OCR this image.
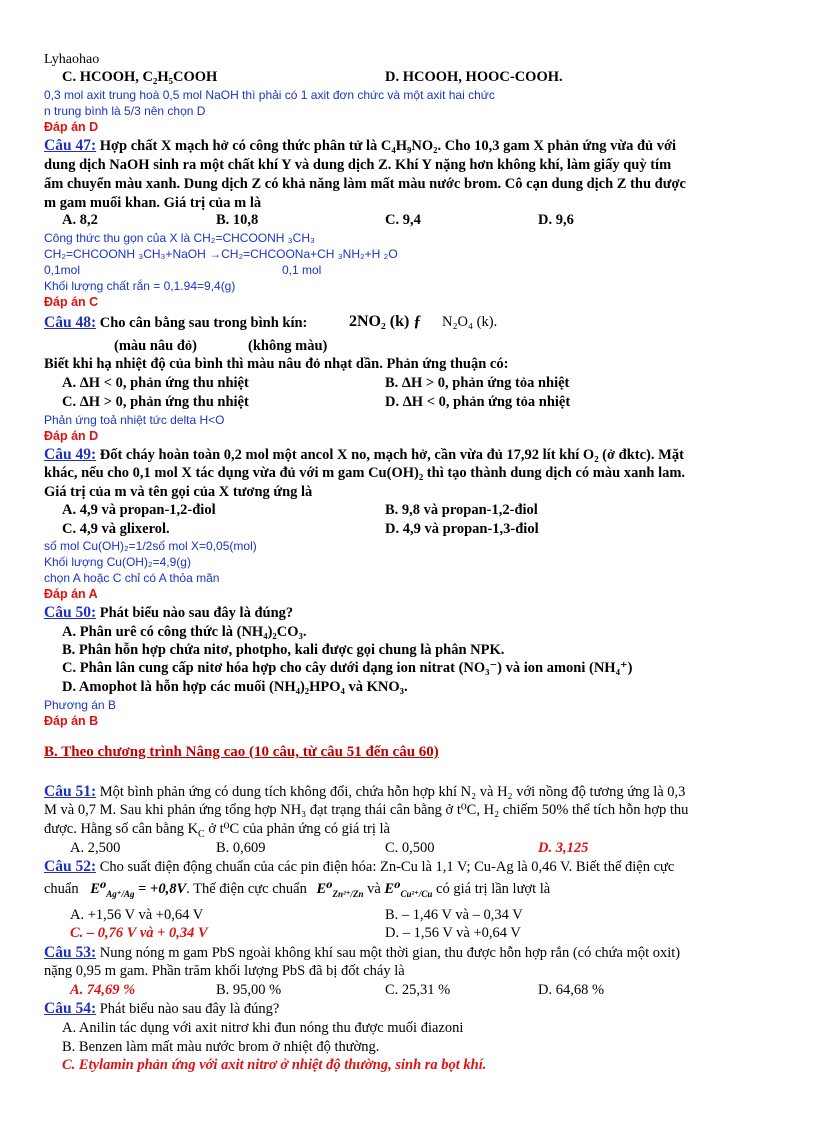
Lyhaohao
C. HCOOH, C₂H₅COOH	D. HCOOH, HOOC-COOH.
0,3 mol axit trung hoà 0,5 mol NaOH thì phải có 1 axit đơn chức và một axit hai chức
n trung bình là 5/3 nên chọn D
Đáp án D
Câu 47: Hợp chất X mạch hở có công thức phân tử là C₄H₉NO₂. Cho 10,3 gam X phản ứng vừa đủ với
dung dịch NaOH sinh ra một chất khí Y và dung dịch Z. Khí Y nặng hơn không khí, làm giấy quỳ tím
ẩm chuyển màu xanh. Dung dịch Z có khả năng làm mất màu nước brom. Cô cạn dung dịch Z thu được
m gam muối khan. Giá trị của m là
A. 8,2	B. 10,8	C. 9,4	D. 9,6
Công thức thu gọn của X là CH₂=CHCOONH ₃CH₃
CH₂=CHCOONH ₃CH₃+NaOH →CH₂=CHCOONa+CH ₃NH₂+H ₂O
0,1mol	0,1 mol
Khối lượng chất rắn = 0,1.94=9,4(g)
Đáp án C
Câu 48: Cho cân bằng sau trong bình kín:	2NO₂ (k) ƒ N₂O₄ (k).
(màu nâu đỏ)	(không màu)
Biết khi hạ nhiệt độ của bình thì màu nâu đỏ nhạt dần. Phản ứng thuận có:
A. ΔH < 0, phản ứng thu nhiệt	B. ΔH > 0, phản ứng tỏa nhiệt
C. ΔH > 0, phản ứng thu nhiệt	D. ΔH < 0, phản ứng tỏa nhiệt
Phản ứng toả nhiệt tức delta H<O
Đáp án D
Câu 49: Đốt cháy hoàn toàn 0,2 mol một ancol X no, mạch hở, cần vừa đủ 17,92 lít khí O₂ (ở đktc). Mặt
khác, nếu cho 0,1 mol X tác dụng vừa đủ với m gam Cu(OH)₂ thì tạo thành dung dịch có màu xanh lam.
Giá trị của m và tên gọi của X tương ứng là
A. 4,9 và propan-1,2-điol	B. 9,8 và propan-1,2-điol
C. 4,9 và glixerol.	D. 4,9 và propan-1,3-điol
số mol Cu(OH)₂=1/2số mol X=0,05(mol)
Khối lượng Cu(OH)₂=4,9(g)
chọn A hoặc C chỉ có A thỏa mãn
Đáp án A
Câu 50: Phát biểu nào sau đây là đúng?
A. Phân urê có công thức là (NH₄)₂CO₃.
B. Phân hỗn hợp chứa nitơ, photpho, kali được gọi chung là phân NPK.
C. Phân lân cung cấp nitơ hóa hợp cho cây dưới dạng ion nitrat (NO₃⁻) và ion amoni (NH₄⁺)
D. Amophot là hỗn hợp các muối (NH₄)₂HPO₄ và KNO₃.
Phương án B
Đáp án B
B. Theo chương trình Nâng cao (10 câu, từ câu 51 đến câu 60)
Câu 51: Một bình phản ứng có dung tích không đổi, chứa hỗn hợp khí N₂ và H₂ với nồng độ tương ứng là 0,3
M và 0,7 M. Sau khi phản ứng tổng hợp NH₃ đạt trạng thái cân bằng ở t⁰C, H₂ chiếm 50% thể tích hỗn hợp thu
được. Hằng số cân bằng $K_C$ ở t⁰C của phản ứng có giá trị là
A. 2,500	B. 0,609	C. 0,500	D. 3,125
Câu 52: Cho suất điện động chuẩn của các pin điện hóa: Zn-Cu là 1,1 V; Cu-Ag là 0,46 V. Biết thế điện cực
chuẩn $E^0_{Ag^+/Ag} = +0,8V$. Thế điện cực chuẩn $E^0_{Zn^{2+}/Zn}$ và $E^0_{Cu^{2+}/Cu}$ có giá trị lần lượt là
A. +1,56 V và +0,64 V	B. – 1,46 V và – 0,34 V
C. – 0,76 V và + 0,34 V	D. – 1,56 V và +0,64 V
Câu 53: Nung nóng m gam PbS ngoài không khí sau một thời gian, thu được hỗn hợp rắn (có chứa một oxit)
nặng 0,95 m gam. Phần trăm khối lượng PbS đã bị đốt cháy là
A. 74,69 %	B. 95,00 %	C. 25,31 %	D. 64,68 %
Câu 54: Phát biểu nào sau đây là đúng?
A. Anilin tác dụng với axit nitrơ khi đun nóng thu được muối điazoni
B. Benzen làm mất màu nước brom ở nhiệt độ thường.
C. Etylamin phản ứng với axit nitrơ ở nhiệt độ thường, sinh ra bọt khí.
